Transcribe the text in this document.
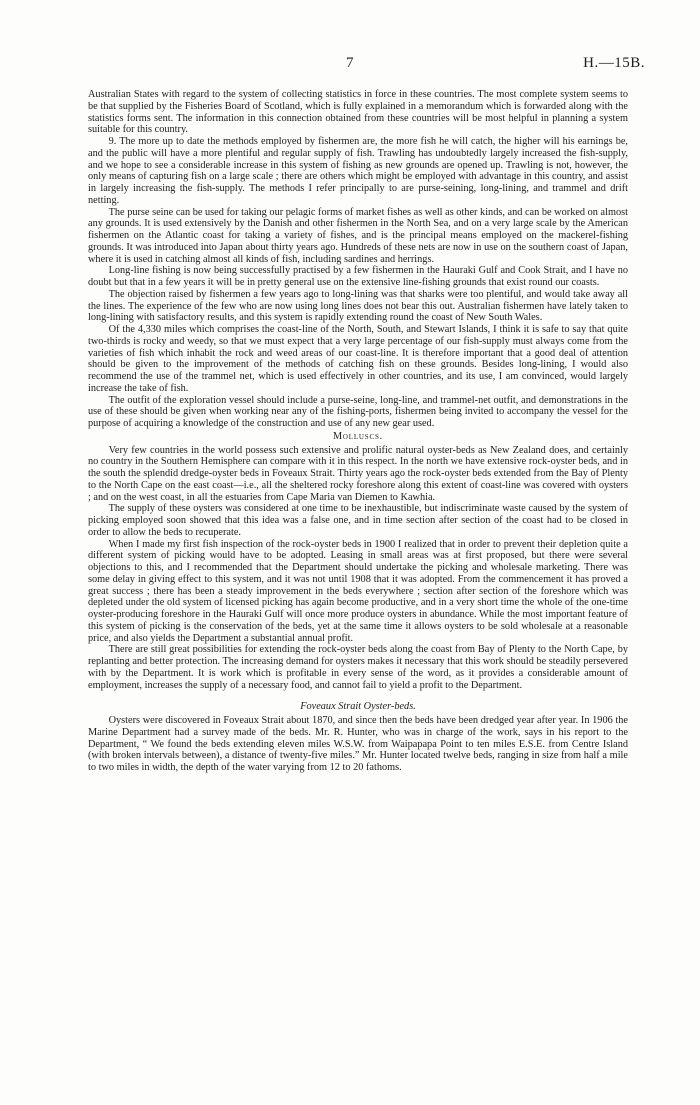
7	H.—15B.

Australian States with regard to the system of collecting statistics in force in these countries. The most complete system seems to be that supplied by the Fisheries Board of Scotland, which is fully explained in a memorandum which is forwarded along with the statistics forms sent. The information in this connection obtained from these countries will be most helpful in planning a system suitable for this country.

9. The more up to date the methods employed by fishermen are, the more fish he will catch, the higher will his earnings be, and the public will have a more plentiful and regular supply of fish. Trawling has undoubtedly largely increased the fish-supply, and we hope to see a considerable increase in this system of fishing as new grounds are opened up. Trawling is not, however, the only means of capturing fish on a large scale ; there are others which might be employed with advantage in this country, and assist in largely increasing the fish-supply. The methods I refer principally to are purse-seining, long-lining, and trammel and drift netting.

The purse seine can be used for taking our pelagic forms of market fishes as well as other kinds, and can be worked on almost any grounds. It is used extensively by the Danish and other fishermen in the North Sea, and on a very large scale by the American fishermen on the Atlantic coast for taking a variety of fishes, and is the principal means employed on the mackerel-fishing grounds. It was introduced into Japan about thirty years ago. Hundreds of these nets are now in use on the southern coast of Japan, where it is used in catching almost all kinds of fish, including sardines and herrings.

Long-line fishing is now being successfully practised by a few fishermen in the Hauraki Gulf and Cook Strait, and I have no doubt but that in a few years it will be in pretty general use on the extensive line-fishing grounds that exist round our coasts.

The objection raised by fishermen a few years ago to long-lining was that sharks were too plentiful, and would take away all the lines. The experience of the few who are now using long lines does not bear this out. Australian fishermen have lately taken to long-lining with satisfactory results, and this system is rapidly extending round the coast of New South Wales.

Of the 4,330 miles which comprises the coast-line of the North, South, and Stewart Islands, I think it is safe to say that quite two-thirds is rocky and weedy, so that we must expect that a very large percentage of our fish-supply must always come from the varieties of fish which inhabit the rock and weed areas of our coast-line. It is therefore important that a good deal of attention should be given to the improvement of the methods of catching fish on these grounds. Besides long-lining, I would also recommend the use of the trammel net, which is used effectively in other countries, and its use, I am convinced, would largely increase the take of fish.

The outfit of the exploration vessel should include a purse-seine, long-line, and trammel-net outfit, and demonstrations in the use of these should be given when working near any of the fishing-ports, fishermen being invited to accompany the vessel for the purpose of acquiring a knowledge of the construction and use of any new gear used.

Molluscs.

Very few countries in the world possess such extensive and prolific natural oyster-beds as New Zealand does, and certainly no country in the Southern Hemisphere can compare with it in this respect. In the north we have extensive rock-oyster beds, and in the south the splendid dredge-oyster beds in Foveaux Strait. Thirty years ago the rock-oyster beds extended from the Bay of Plenty to the North Cape on the east coast—i.e., all the sheltered rocky foreshore along this extent of coast-line was covered with oysters ; and on the west coast, in all the estuaries from Cape Maria van Diemen to Kawhia.

The supply of these oysters was considered at one time to be inexhaustible, but indiscriminate waste caused by the system of picking employed soon showed that this idea was a false one, and in time section after section of the coast had to be closed in order to allow the beds to recuperate.

When I made my first fish inspection of the rock-oyster beds in 1900 I realized that in order to prevent their depletion quite a different system of picking would have to be adopted. Leasing in small areas was at first proposed, but there were several objections to this, and I recommended that the Department should undertake the picking and wholesale marketing. There was some delay in giving effect to this system, and it was not until 1908 that it was adopted. From the commencement it has proved a great success ; there has been a steady improvement in the beds everywhere ; section after section of the foreshore which was depleted under the old system of licensed picking has again become productive, and in a very short time the whole of the one-time oyster-producing foreshore in the Hauraki Gulf will once more produce oysters in abundance. While the most important feature of this system of picking is the conservation of the beds, yet at the same time it allows oysters to be sold wholesale at a reasonable price, and also yields the Department a substantial annual profit.

There are still great possibilities for extending the rock-oyster beds along the coast from Bay of Plenty to the North Cape, by replanting and better protection. The increasing demand for oysters makes it necessary that this work should be steadily persevered with by the Department. It is work which is profitable in every sense of the word, as it provides a considerable amount of employment, increases the supply of a necessary food, and cannot fail to yield a profit to the Department.

Foveaux Strait Oyster-beds.

Oysters were discovered in Foveaux Strait about 1870, and since then the beds have been dredged year after year. In 1906 the Marine Department had a survey made of the beds. Mr. R. Hunter, who was in charge of the work, says in his report to the Department, “ We found the beds extending eleven miles W.S.W. from Waipapapa Point to ten miles E.S.E. from Centre Island (with broken intervals between), a distance of twenty-five miles.” Mr. Hunter located twelve beds, ranging in size from half a mile to two miles in width, the depth of the water varying from 12 to 20 fathoms.
